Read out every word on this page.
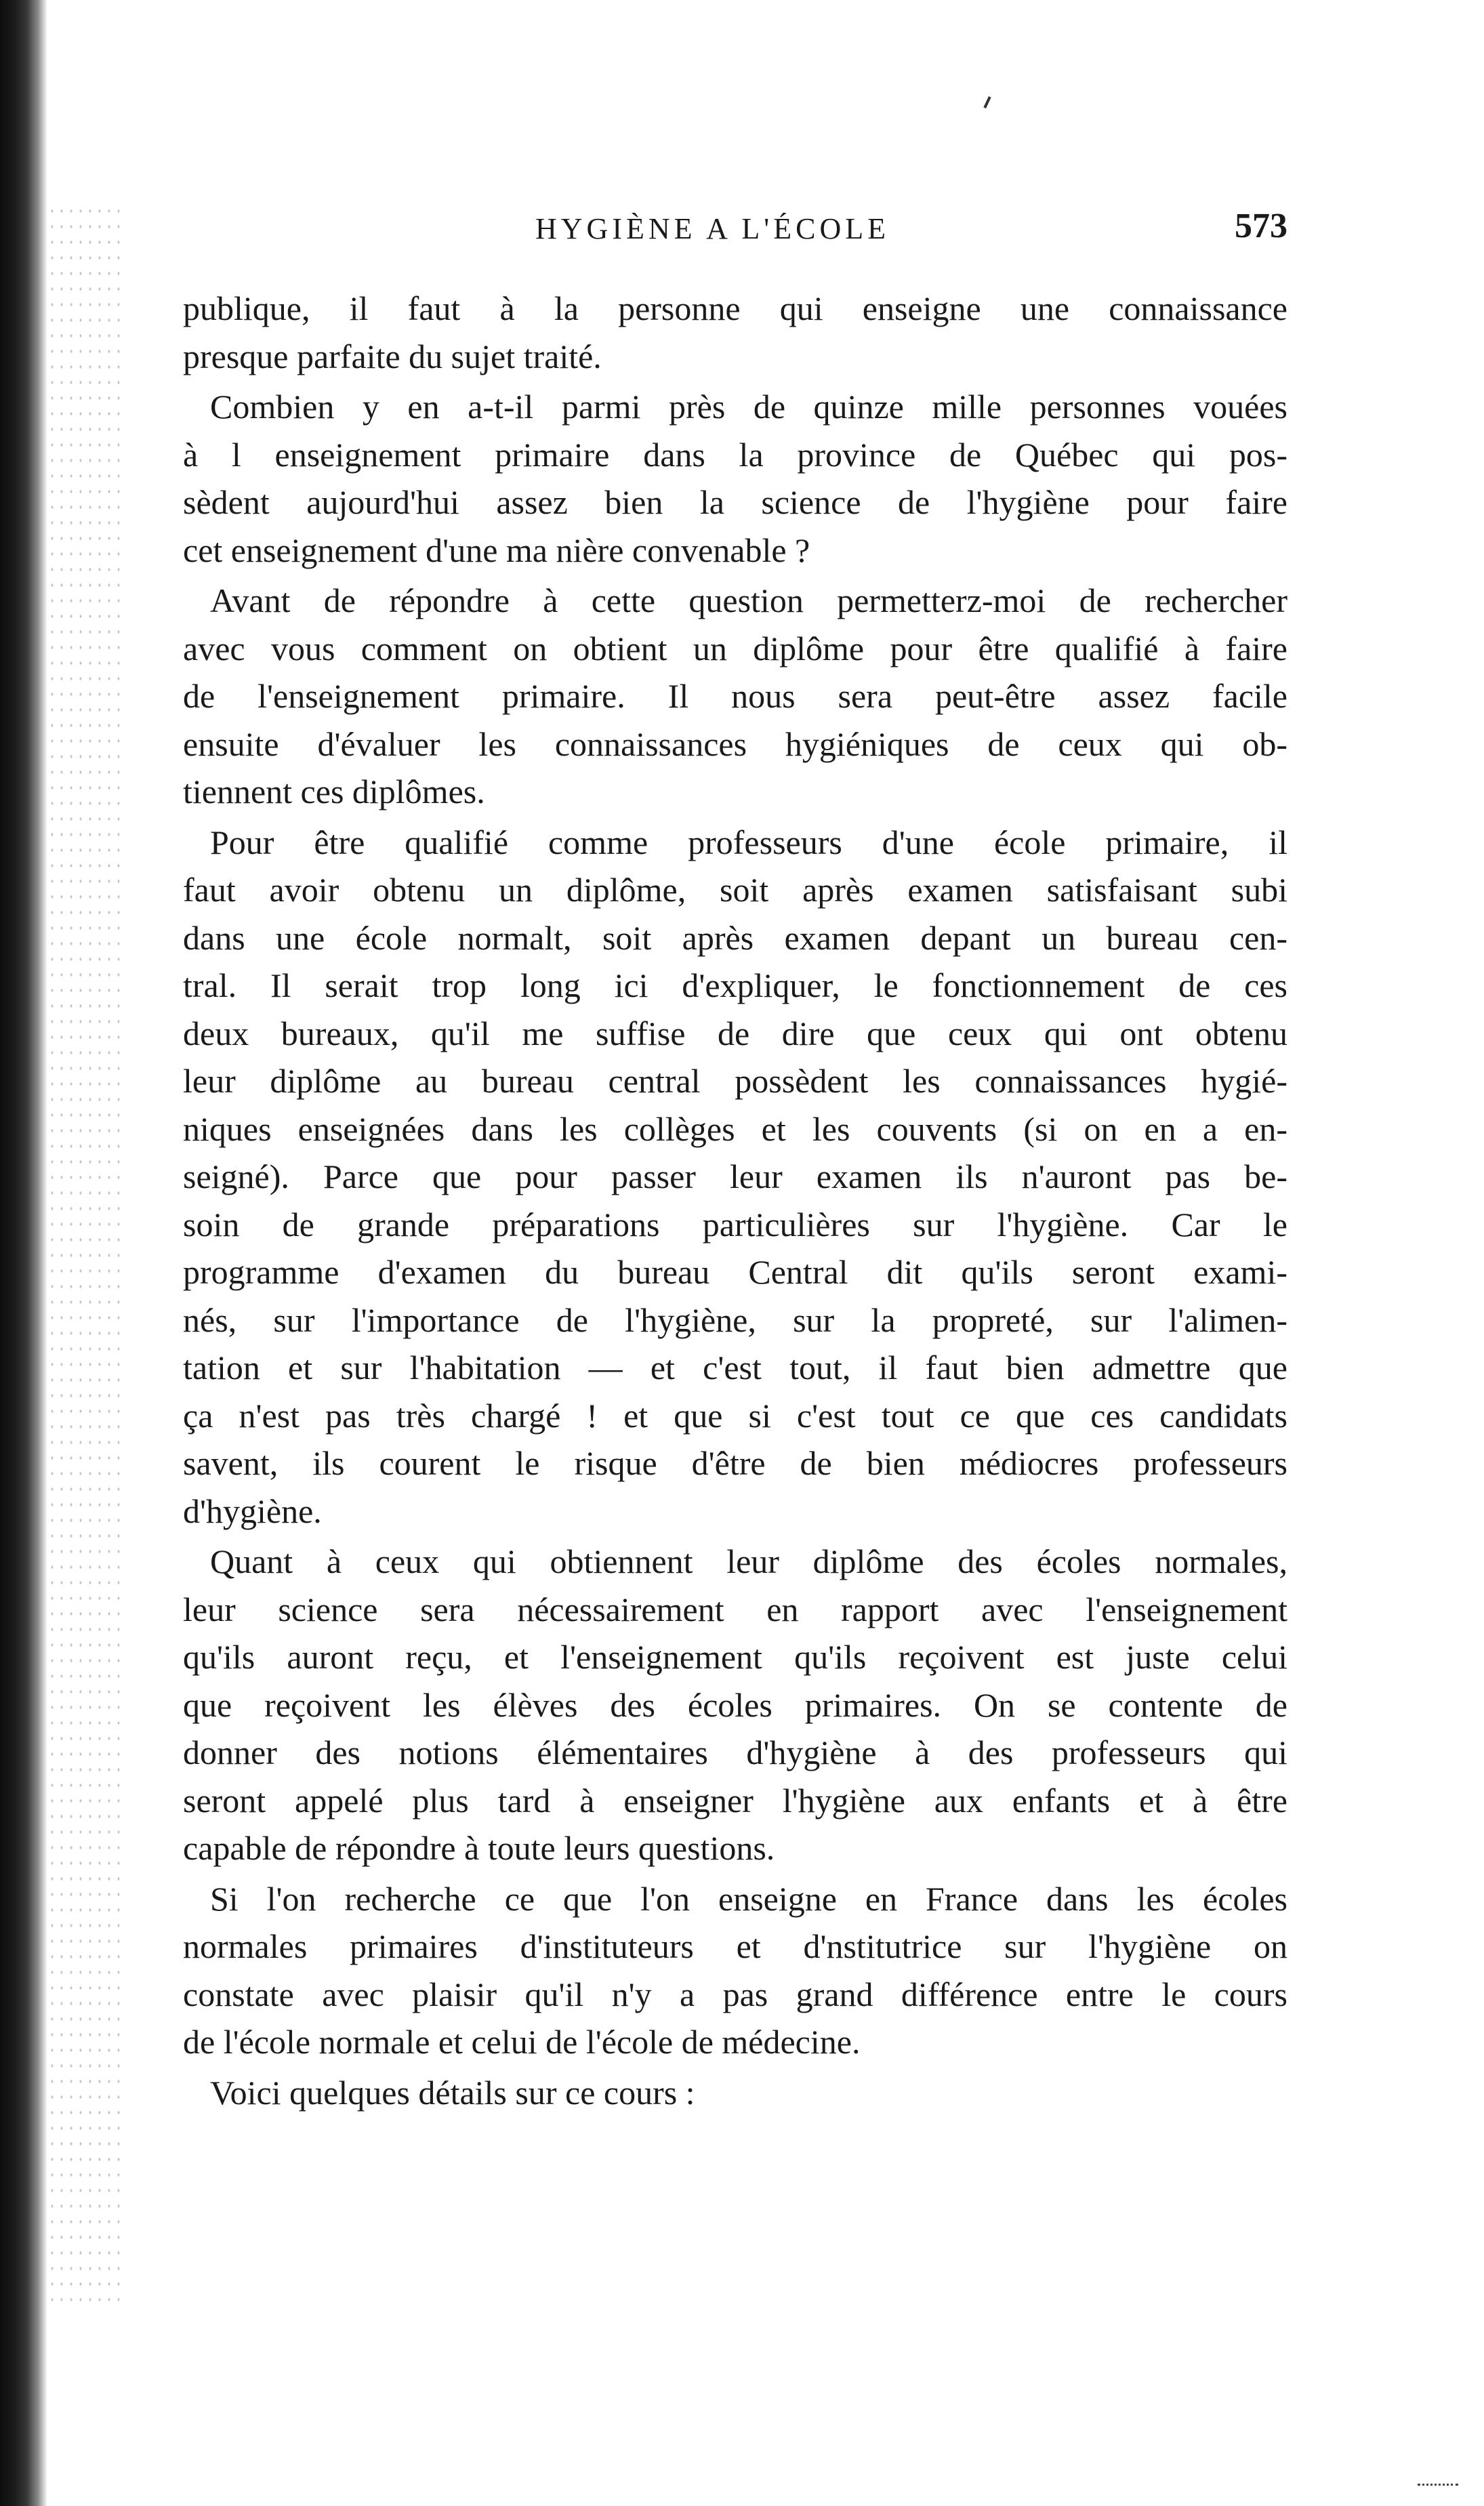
HYGIÈNE A L'ÉCOLE	573

publique, il faut à la personne qui enseigne une connaissance
presque parfaite du sujet traité.

Combien y en a-t-il parmi près de quinze mille personnes vouées
à l enseignement primaire dans la province de Québec qui pos-
sèdent aujourd'hui assez bien la science de l'hygiène pour faire
cet enseignement d'une ma nière convenable ?

Avant de répondre à cette question permetterz-moi de rechercher
avec vous comment on obtient un diplôme pour être qualifié à faire
de l'enseignement primaire. Il nous sera peut-être assez facile
ensuite d'évaluer les connaissances hygiéniques de ceux qui ob-
tiennent ces diplômes.

Pour être qualifié comme professeurs d'une école primaire, il
faut avoir obtenu un diplôme, soit après examen satisfaisant subi
dans une école normalt, soit après examen depant un bureau cen-
tral. Il serait trop long ici d'expliquer, le fonctionnement de ces
deux bureaux, qu'il me suffise de dire que ceux qui ont obtenu
leur diplôme au bureau central possèdent les connaissances hygié-
niques enseignées dans les collèges et les couvents (si on en a en-
seigné). Parce que pour passer leur examen ils n'auront pas be-
soin de grande préparations particulières sur l'hygiène. Car le
programme d'examen du bureau Central dit qu'ils seront exami-
nés, sur l'importance de l'hygiène, sur la propreté, sur l'alimen-
tation et sur l'habitation — et c'est tout, il faut bien admettre que
ça n'est pas très chargé ! et que si c'est tout ce que ces candidats
savent, ils courent le risque d'être de bien médiocres professeurs
d'hygiène.

Quant à ceux qui obtiennent leur diplôme des écoles normales,
leur science sera nécessairement en rapport avec l'enseignement
qu'ils auront reçu, et l'enseignement qu'ils reçoivent est juste celui
que reçoivent les élèves des écoles primaires. On se contente de
donner des notions élémentaires d'hygiène à des professeurs qui
seront appelé plus tard à enseigner l'hygiène aux enfants et à être
capable de répondre à toute leurs questions.

Si l'on recherche ce que l'on enseigne en France dans les écoles
normales primaires d'instituteurs et d'nstitutrice sur l'hygiène on
constate avec plaisir qu'il n'y a pas grand différence entre le cours
de l'école normale et celui de l'école de médecine.

Voici quelques détails sur ce cours :
